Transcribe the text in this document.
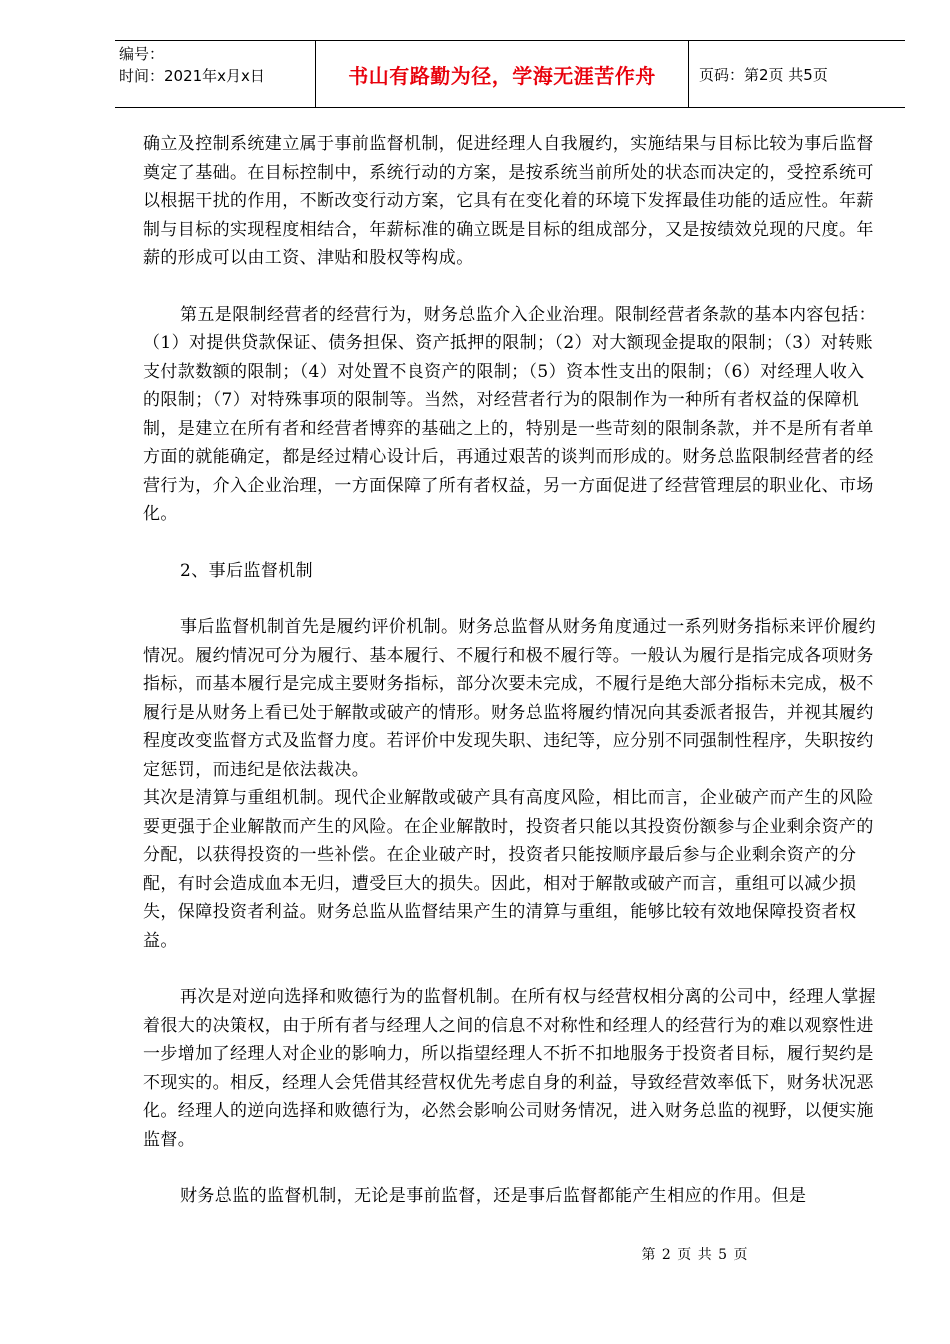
编号：
时间：2021年x月x日	书山有路勤为径，学海无涯苦作舟	页码：第2页 共5页

确立及控制系统建立属于事前监督机制，促进经理人自我履约，实施结果与目标比较为事后监督奠定了基础。在目标控制中，系统行动的方案，是按系统当前所处的状态而决定的，受控系统可以根据干扰的作用，不断改变行动方案，它具有在变化着的环境下发挥最佳功能的适应性。年薪制与目标的实现程度相结合，年薪标准的确立既是目标的组成部分，又是按绩效兑现的尺度。年薪的形成可以由工资、津贴和股权等构成。

第五是限制经营者的经营行为，财务总监介入企业治理。限制经营者条款的基本内容包括：（1）对提供贷款保证、债务担保、资产抵押的限制；（2）对大额现金提取的限制；（3）对转账支付款数额的限制；（4）对处置不良资产的限制；（5）资本性支出的限制；（6）对经理人收入的限制；（7）对特殊事项的限制等。当然，对经营者行为的限制作为一种所有者权益的保障机制，是建立在所有者和经营者博弈的基础之上的，特别是一些苛刻的限制条款，并不是所有者单方面的就能确定，都是经过精心设计后，再通过艰苦的谈判而形成的。财务总监限制经营者的经营行为，介入企业治理，一方面保障了所有者权益，另一方面促进了经营管理层的职业化、市场化。

2、事后监督机制

事后监督机制首先是履约评价机制。财务总监督从财务角度通过一系列财务指标来评价履约情况。履约情况可分为履行、基本履行、不履行和极不履行等。一般认为履行是指完成各项财务指标，而基本履行是完成主要财务指标，部分次要未完成，不履行是绝大部分指标未完成，极不履行是从财务上看已处于解散或破产的情形。财务总监将履约情况向其委派者报告，并视其履约程度改变监督方式及监督力度。若评价中发现失职、违纪等，应分别不同强制性程序，失职按约定惩罚，而违纪是依法裁决。

其次是清算与重组机制。现代企业解散或破产具有高度风险，相比而言，企业破产而产生的风险要更强于企业解散而产生的风险。在企业解散时，投资者只能以其投资份额参与企业剩余资产的分配，以获得投资的一些补偿。在企业破产时，投资者只能按顺序最后参与企业剩余资产的分配，有时会造成血本无归，遭受巨大的损失。因此，相对于解散或破产而言，重组可以减少损失，保障投资者利益。财务总监从监督结果产生的清算与重组，能够比较有效地保障投资者权益。

再次是对逆向选择和败德行为的监督机制。在所有权与经营权相分离的公司中，经理人掌握着很大的决策权，由于所有者与经理人之间的信息不对称性和经理人的经营行为的难以观察性进一步增加了经理人对企业的影响力，所以指望经理人不折不扣地服务于投资者目标，履行契约是不现实的。相反，经理人会凭借其经营权优先考虑自身的利益，导致经营效率低下，财务状况恶化。经理人的逆向选择和败德行为，必然会影响公司财务情况，进入财务总监的视野，以便实施监督。

财务总监的监督机制，无论是事前监督，还是事后监督都能产生相应的作用。但是

第 2 页 共 5 页
